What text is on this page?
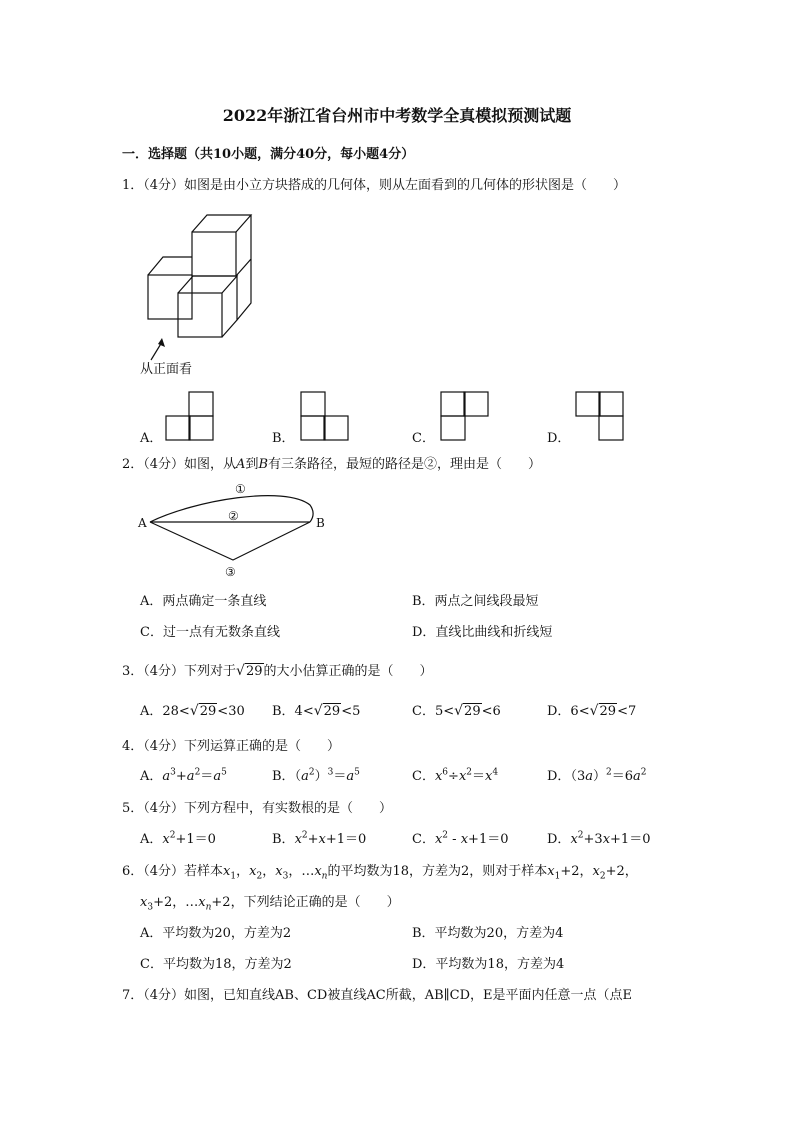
2022年浙江省台州市中考数学全真模拟预测试题
一．选择题（共10小题，满分40分，每小题4分）
1．（4分）如图是由小立方块搭成的几何体，则从左面看到的几何体的形状图是（　　）
从正面看
A．	B．	C．	D．
2．（4分）如图，从A到B有三条路径，最短的路径是②，理由是（　　）
A	B
①
②
③
A．两点确定一条直线	B．两点之间线段最短
C．过一点有无数条直线	D．直线比曲线和折线短
3．（4分）下列对于√29的大小估算正确的是（　　）
A．28<√29<30 B．4<√29<5	C．5<√29<6	D．6<√29<7
4．（4分）下列运算正确的是（　　）
A．$a^3+a^2=a^5$	B．$(a^2)^3=a^5$	C．$x^6\div x^2=x^4$	D．$(3a)^2=6a^2$
5．（4分）下列方程中，有实数根的是（　　）
A．$x^2+1=0$	B．$x^2+x+1=0$	C．$x^2 - x+1=0$	D．$x^2+3x+1=0$
6．（4分）若样本$x_1$，$x_2$，$x_3$，$\dots x_n$的平均数为18，方差为2，则对于样本$x_1+2$，$x_2+2$，
$x_3+2$，$\dots x_n+2$，下列结论正确的是（　　）
A．平均数为20，方差为2	B．平均数为20，方差为4
C．平均数为18，方差为2	D．平均数为18，方差为4
7．（4分）如图，已知直线AB、CD被直线AC所截，AB∥CD，E是平面内任意一点（点E
